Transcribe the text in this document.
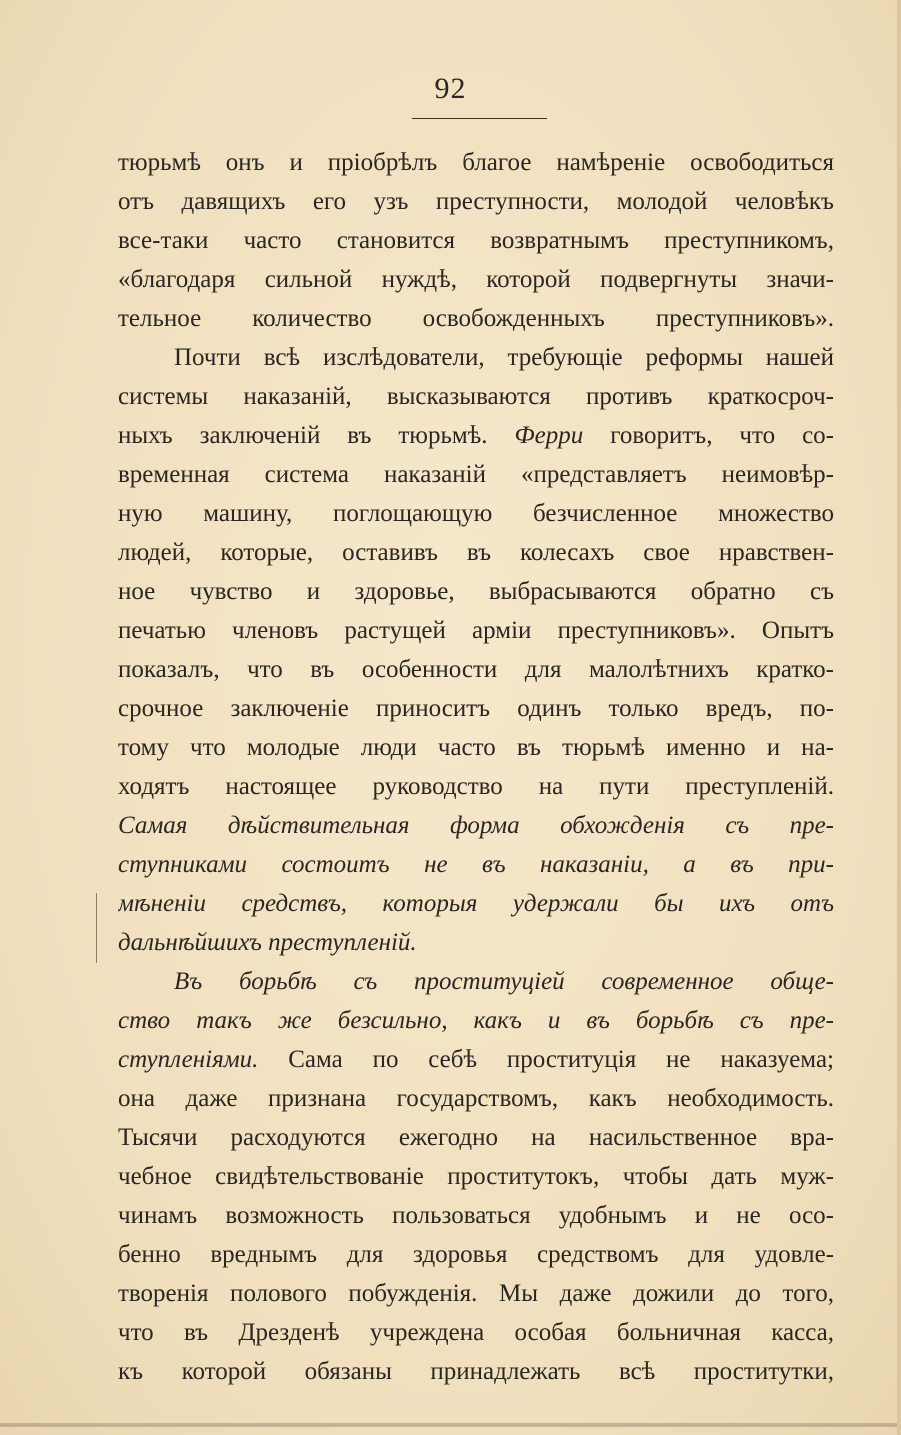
92
тюрьмѣ онъ и пріобрѣлъ благое намѣреніе освободиться
отъ давящихъ его узъ преступности, молодой человѣкъ
все-таки часто становится возвратнымъ преступникомъ,
«благодаря сильной нуждѣ, которой подвергнуты значи-
тельное количество освобожденныхъ преступниковъ».
Почти всѣ изслѣдователи, требующіе реформы нашей
системы наказаній, высказываются противъ краткосроч-
ныхъ заключеній въ тюрьмѣ. Ферри говоритъ, что со-
временная система наказаній «представляетъ неимовѣр-
ную машину, поглощающую безчисленное множество
людей, которые, оставивъ въ колесахъ свое нравствен-
ное чувство и здоровье, выбрасываются обратно съ
печатью членовъ растущей арміи преступниковъ». Опытъ
показалъ, что въ особенности для малолѣтнихъ кратко-
срочное заключеніе приноситъ одинъ только вредъ, по-
тому что молодые люди часто въ тюрьмѣ именно и на-
ходятъ настоящее руководство на пути преступленій.
Самая дѣйствительная форма обхожденія съ пре-
ступниками состоитъ не въ наказаніи, а въ при-
мѣненіи средствъ, которыя удержали бы ихъ отъ
дальнѣйшихъ преступленій.
Въ борьбѣ съ проституціей современное обще-
ство такъ же безсильно, какъ и въ борьбѣ съ пре-
ступленіями. Сама по себѣ проституція не наказуема;
она даже признана государствомъ, какъ необходимость.
Тысячи расходуются ежегодно на насильственное вра-
чебное свидѣтельствованіе проститутокъ, чтобы дать муж-
чинамъ возможность пользоваться удобнымъ и не осо-
бенно вреднымъ для здоровья средствомъ для удовле-
творенія полового побужденія. Мы даже дожили до того,
что въ Дрезденѣ учреждена особая больничная касса,
къ которой обязаны принадлежать всѣ проститутки,
